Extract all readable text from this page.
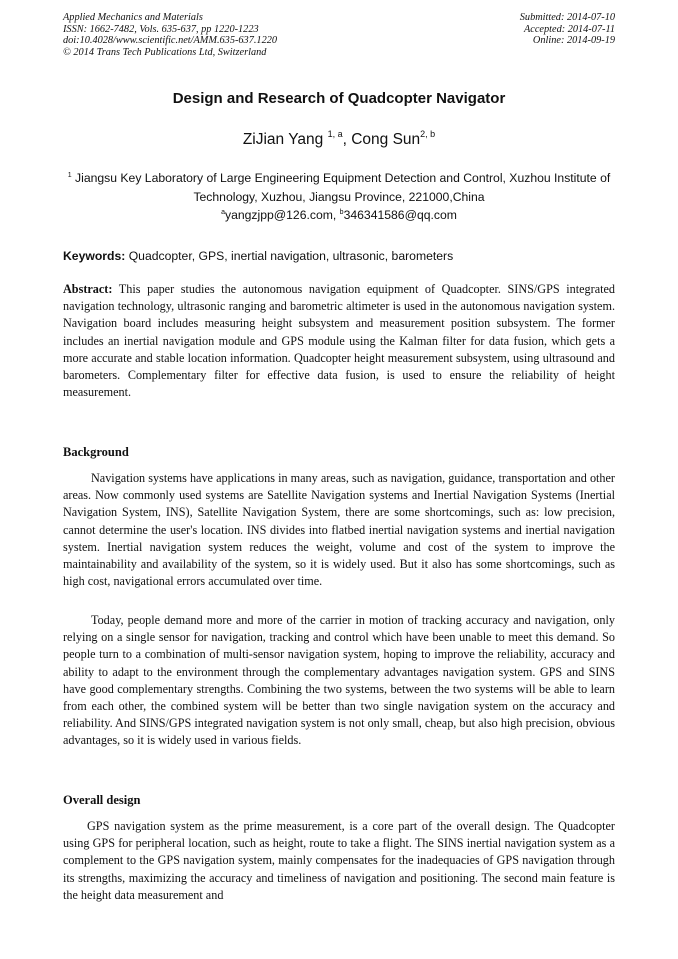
Applied Mechanics and Materials
ISSN: 1662-7482, Vols. 635-637, pp 1220-1223
doi:10.4028/www.scientific.net/AMM.635-637.1220
© 2014 Trans Tech Publications Ltd, Switzerland
Submitted: 2014-07-10
Accepted: 2014-07-11
Online: 2014-09-19
Design and Research of Quadcopter Navigator
ZiJian Yang $^{1, a}$, Cong Sun$^{2, b}$
$^1$ Jiangsu Key Laboratory of Large Engineering Equipment Detection and Control, Xuzhou Institute of Technology, Xuzhou, Jiangsu Province, 221000,China
$^a$yangzjpp@126.com, $^b$346341586@qq.com
Keywords: Quadcopter, GPS, inertial navigation, ultrasonic, barometers
Abstract: This paper studies the autonomous navigation equipment of Quadcopter. SINS/GPS integrated navigation technology, ultrasonic ranging and barometric altimeter is used in the autonomous navigation system. Navigation board includes measuring height subsystem and measurement position subsystem. The former includes an inertial navigation module and GPS module using the Kalman filter for data fusion, which gets a more accurate and stable location information. Quadcopter height measurement subsystem, using ultrasound and barometers. Complementary filter for effective data fusion, is used to ensure the reliability of height measurement.
Background

Navigation systems have applications in many areas, such as navigation, guidance, transportation and other areas. Now commonly used systems are Satellite Navigation systems and Inertial Navigation Systems (Inertial Navigation System, INS), Satellite Navigation System, there are some shortcomings, such as: low precision, cannot determine the user's location. INS divides into flatbed inertial navigation systems and inertial navigation system. Inertial navigation system reduces the weight, volume and cost of the system to improve the maintainability and availability of the system, so it is widely used. But it also has some shortcomings, such as high cost, navigational errors accumulated over time.

Today, people demand more and more of the carrier in motion of tracking accuracy and navigation, only relying on a single sensor for navigation, tracking and control which have been unable to meet this demand. So people turn to a combination of multi-sensor navigation system, hoping to improve the reliability, accuracy and ability to adapt to the environment through the complementary advantages navigation system. GPS and SINS have good complementary strengths. Combining the two systems, between the two systems will be able to learn from each other, the combined system will be better than two single navigation system on the accuracy and reliability. And SINS/GPS integrated navigation system is not only small, cheap, but also high precision, obvious advantages, so it is widely used in various fields.

Overall design

GPS navigation system as the prime measurement, is a core part of the overall design. The Quadcopter using GPS for peripheral location, such as height, route to take a flight. The SINS inertial navigation system as a complement to the GPS navigation system, mainly compensates for the inadequacies of GPS navigation through its strengths, maximizing the accuracy and timeliness of navigation and positioning. The second main feature is the height data measurement and
